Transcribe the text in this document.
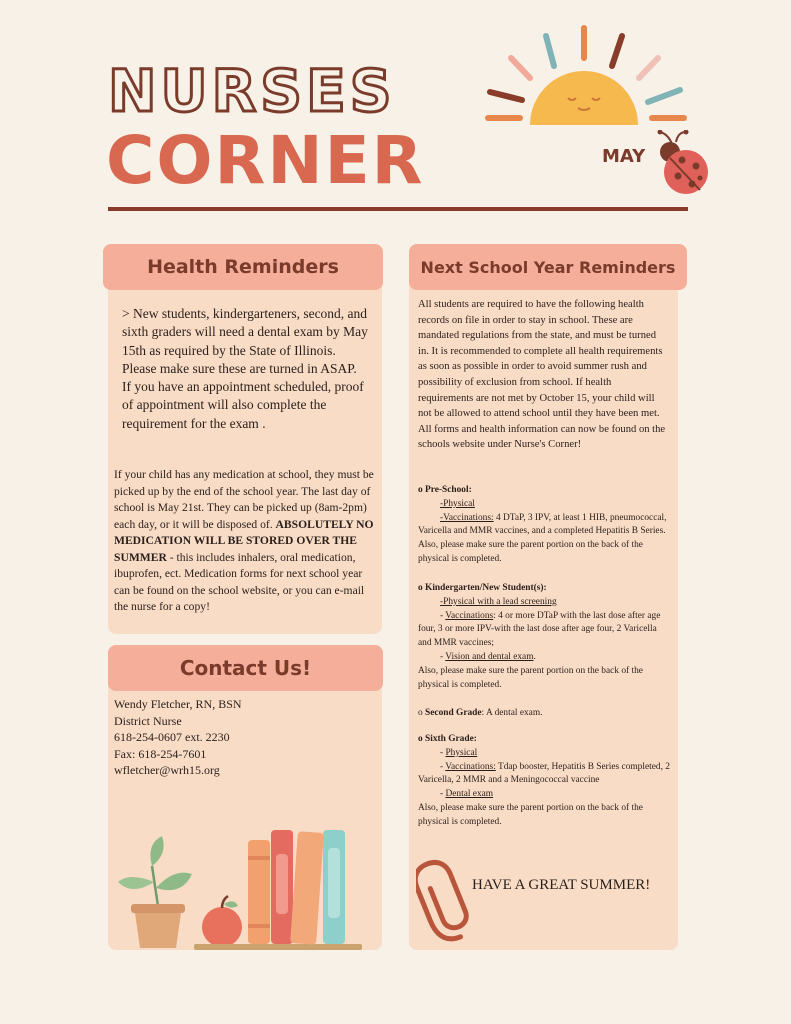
NURSES
CORNER	MAY
Health Reminders
> New students, kindergarteners, second, and sixth graders will need a dental exam by May 15th as required by the State of Illinois. Please make sure these are turned in ASAP. If you have an appointment scheduled, proof of appointment will also complete the requirement for the exam .
If your child has any medication at school, they must be picked up by the end of the school year. The last day of school is May 21st. They can be picked up (8am-2pm) each day, or it will be disposed of. ABSOLUTELY NO MEDICATION WILL BE STORED OVER THE SUMMER - this includes inhalers, oral medication, ibuprofen, ect. Medication forms for next school year can be found on the school website, or you can e-mail the nurse for a copy!
Contact Us!
Wendy Fletcher, RN, BSN
District Nurse
618-254-0607 ext. 2230
Fax: 618-254-7601
wfletcher@wrh15.org
Next School Year Reminders
All students are required to have the following health records on file in order to stay in school. These are mandated regulations from the state, and must be turned in. It is recommended to complete all health requirements as soon as possible in order to avoid summer rush and possibility of exclusion from school. If health requirements are not met by October 15, your child will not be allowed to attend school until they have been met. All forms and health information can now be found on the schools website under Nurse's Corner!
o Pre-School:
-Physical
-Vaccinations: 4 DTaP, 3 IPV, at least 1 HIB, pneumococcal, Varicella and MMR vaccines, and a completed Hepatitis B Series.
Also, please make sure the parent portion on the back of the physical is completed.
o Kindergarten/New Student(s):
-Physical with a lead screening
- Vaccinations: 4 or more DTaP with the last dose after age four, 3 or more IPV-with the last dose after age four, 2 Varicella and MMR vaccines;
- Vision and dental exam.
Also, please make sure the parent portion on the back of the physical is completed.
o Second Grade: A dental exam.
o Sixth Grade:
- Physical
- Vaccinations: Tdap booster, Hepatitis B Series completed, 2 Varicella, 2 MMR and a Meningococcal vaccine
- Dental exam
Also, please make sure the parent portion on the back of the physical is completed.
HAVE A GREAT SUMMER!
